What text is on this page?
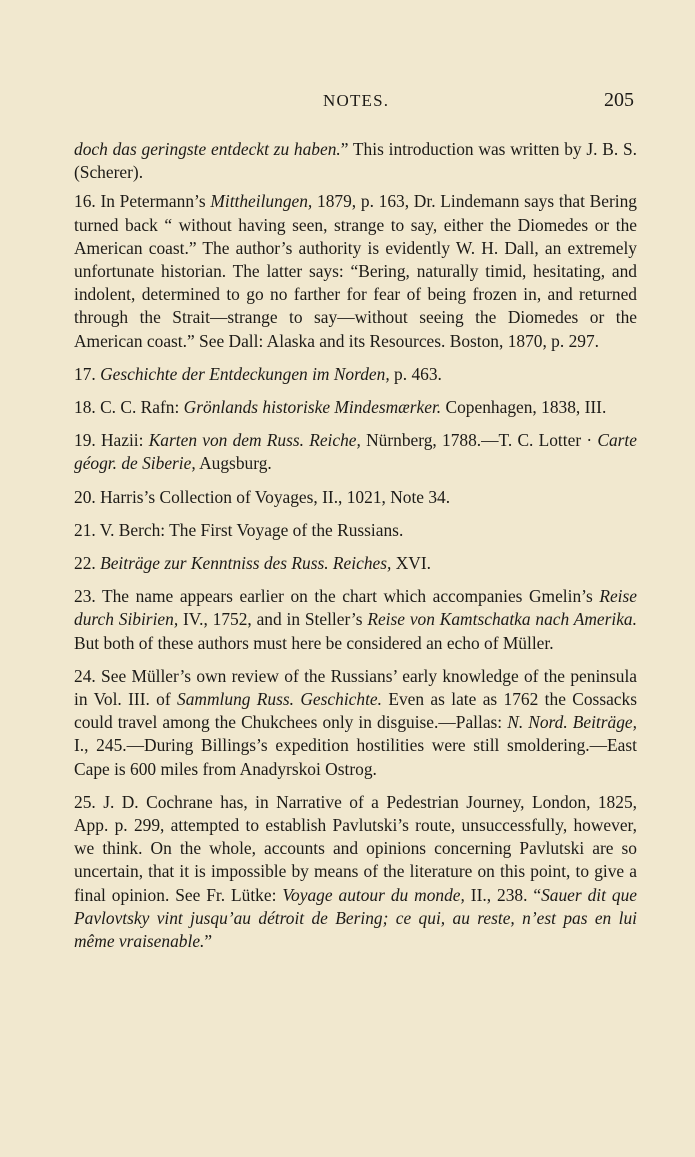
NOTES.	205

doch das geringste entdeckt zu haben.” This introduction was written by J. B. S. (Scherer).

16. In Petermann’s Mittheilungen, 1879, p. 163, Dr. Lindemann says that Bering turned back “ without having seen, strange to say, either the Diomedes or the American coast.” The author’s authority is evidently W. H. Dall, an extremely unfortunate historian. The latter says: “Bering, naturally timid, hesitating, and indolent, determined to go no farther for fear of being frozen in, and returned through the Strait—strange to say—without seeing the Diomedes or the American coast.” See Dall: Alaska and its Resources. Boston, 1870, p. 297.

17. Geschichte der Entdeckungen im Norden, p. 463.

18. C. C. Rafn: Grönlands historiske Mindesmærker. Copenhagen, 1838, III.

19. Hazii: Karten von dem Russ. Reiche, Nürnberg, 1788.—T. C. Lotter · Carte géogr. de Siberie, Augsburg.

20. Harris’s Collection of Voyages, II., 1021, Note 34.

21. V. Berch: The First Voyage of the Russians.

22. Beiträge zur Kenntniss des Russ. Reiches, XVI.

23. The name appears earlier on the chart which accompanies Gmelin’s Reise durch Sibirien, IV., 1752, and in Steller’s Reise von Kamtschatka nach Amerika. But both of these authors must here be considered an echo of Müller.

24. See Müller’s own review of the Russians’ early knowledge of the peninsula in Vol. III. of Sammlung Russ. Geschichte. Even as late as 1762 the Cossacks could travel among the Chukchees only in disguise.—Pallas: N. Nord. Beiträge, I., 245.—During Billings’s expedition hostilities were still smoldering.—East Cape is 600 miles from Anadyrskoi Ostrog.

25. J. D. Cochrane has, in Narrative of a Pedestrian Journey, London, 1825, App. p. 299, attempted to establish Pavlutski’s route, unsuccessfully, however, we think. On the whole, accounts and opinions concerning Pavlutski are so uncertain, that it is impossible by means of the literature on this point, to give a final opinion. See Fr. Lütke: Voyage autour du monde, II., 238. “Sauer dit que Pavlovtsky vint jusqu’au détroit de Bering; ce qui, au reste, n’est pas en lui même vraisenable.”
